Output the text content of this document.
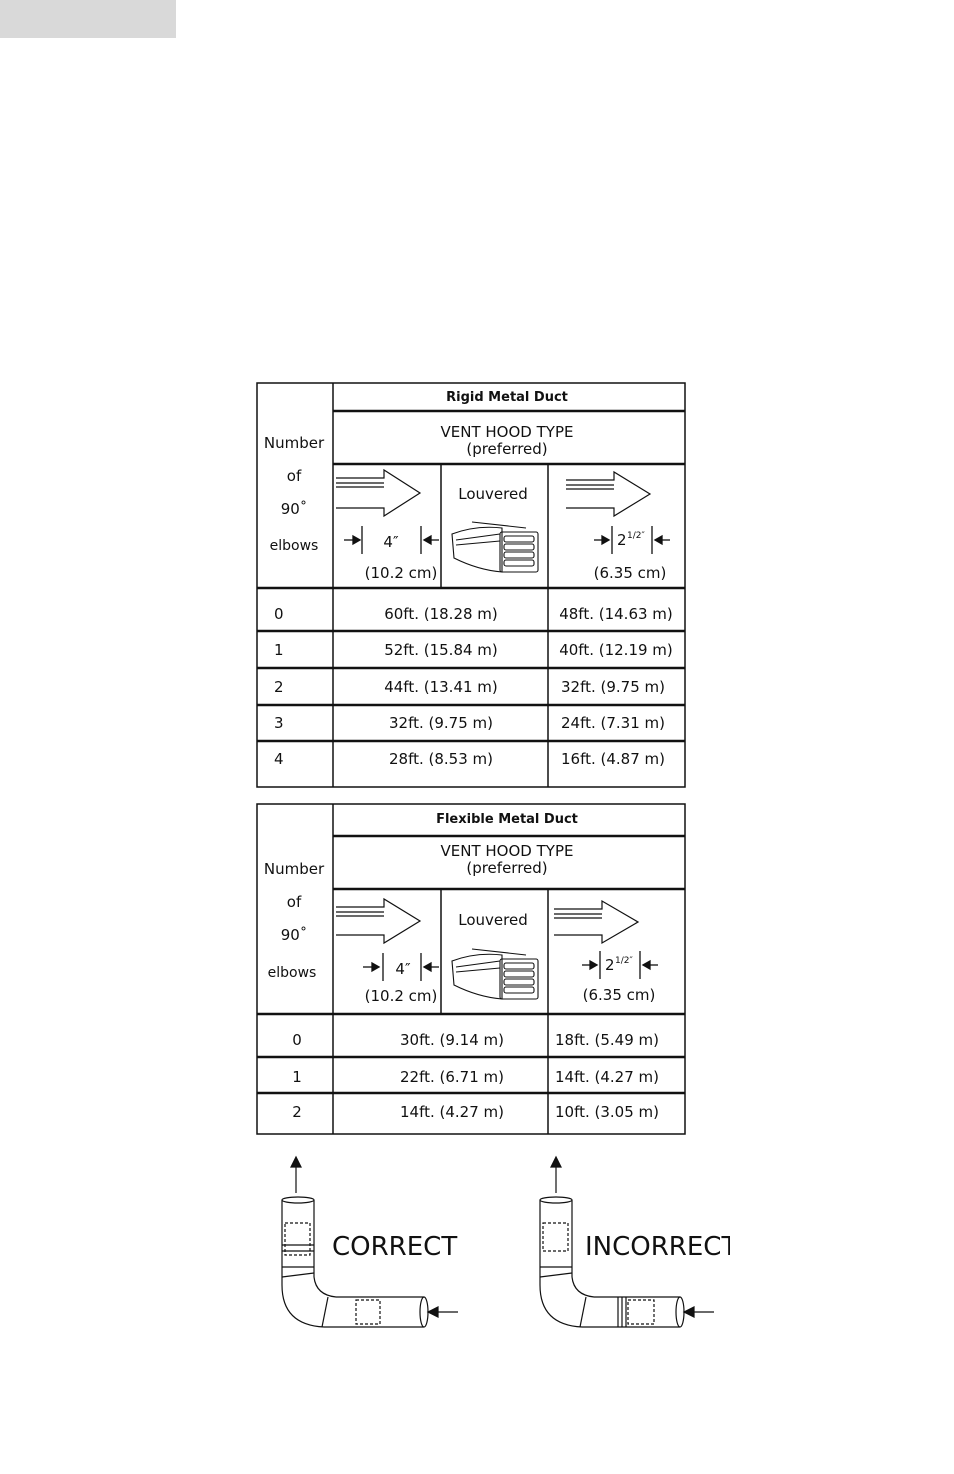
Rigid Metal Duct
VENT HOOD TYPE
(preferred)
Number
of
90˚
elbows	4″
(10.2 cm)
Louvered
2 1/2″
(6.35 cm)
0	60ft. (18.28 m)	48ft. (14.63 m)
1	52ft. (15.84 m)	40ft. (12.19 m)
2	44ft. (13.41 m)	32ft. (9.75 m)
3	32ft. (9.75 m)	24ft. (7.31 m)
4	28ft. (8.53 m)	16ft. (4.87 m)
Flexible Metal Duct
VENT HOOD TYPE
(preferred)
Number
of
90˚
elbows	4″
(10.2 cm)
Louvered
2 1/2″
(6.35 cm)
0	30ft. (9.14 m)	18ft. (5.49 m)
1	22ft. (6.71 m)	14ft. (4.27 m)
2	14ft. (4.27 m)	10ft. (3.05 m)
CORRECT	INCORRECT
